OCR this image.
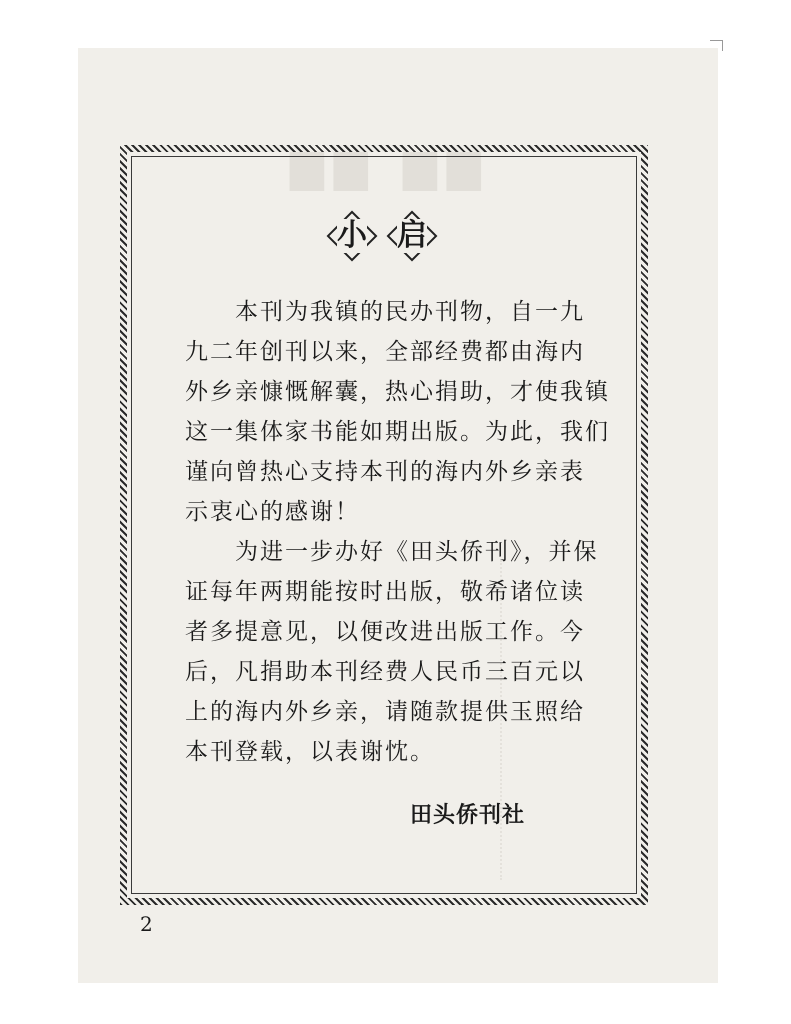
▇▇ ▇▇
小 启
本刊为我镇的民办刊物，自一九
九二年创刊以来，全部经费都由海内
外乡亲慷慨解囊，热心捐助，才使我镇
这一集体家书能如期出版。为此，我们
谨向曾热心支持本刊的海内外乡亲表
示衷心的感谢！
为进一步办好《田头侨刊》，并保
证每年两期能按时出版，敬希诸位读
者多提意见，以便改进出版工作。今
后，凡捐助本刊经费人民币三百元以
上的海内外乡亲，请随款提供玉照给
本刊登载，以表谢忱。
田头侨刊社
2
